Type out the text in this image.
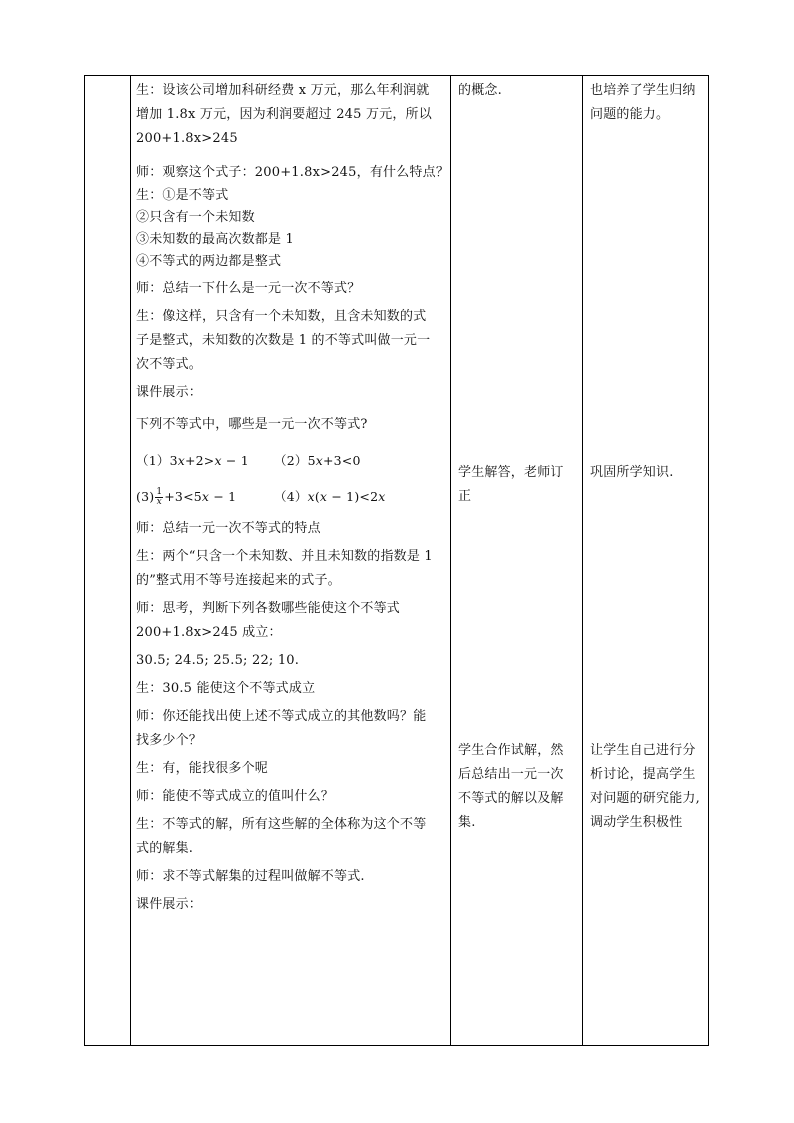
生：设该公司增加科研经费 x 万元，那么年利润就
增加 1.8x 万元，因为利润要超过 245 万元，所以
200+1.8x>245
师：观察这个式子：200+1.8x>245，有什么特点？
生：①是不等式
②只含有一个未知数
③未知数的最高次数都是 1
④不等式的两边都是整式
师：总结一下什么是一元一次不等式？
生：像这样，只含有一个未知数，且含未知数的式
子是整式，未知数的次数是 1 的不等式叫做一元一
次不等式。
课件展示：
下列不等式中，哪些是一元一次不等式?
（1）3x+2>x − 1	（2）5x+3<0
$(3) \frac{1}{x} +3<5x - 1$	（4）x(x − 1)<2x
师：总结一元一次不等式的特点
生：两个“只含一个未知数、并且未知数的指数是 1
的”整式用不等号连接起来的式子。
师：思考，判断下列各数哪些能使这个不等式
200+1.8x>245 成立：
30.5; 24.5; 25.5; 22; 10.
生：30.5 能使这个不等式成立
师：你还能找出使上述不等式成立的其他数吗？能
找多少个？
生：有，能找很多个呢
师：能使不等式成立的值叫什么？
生：不等式的解，所有这些解的全体称为这个不等
式的解集.
师：求不等式解集的过程叫做解不等式.
课件展示：
的概念.
学生解答，老师订
正
学生合作试解，然
后总结出一元一次
不等式的解以及解
集.
也培养了学生归纳
问题的能力。
巩固所学知识.
让学生自己进行分
析讨论，提高学生
对问题的研究能力,
调动学生积极性
